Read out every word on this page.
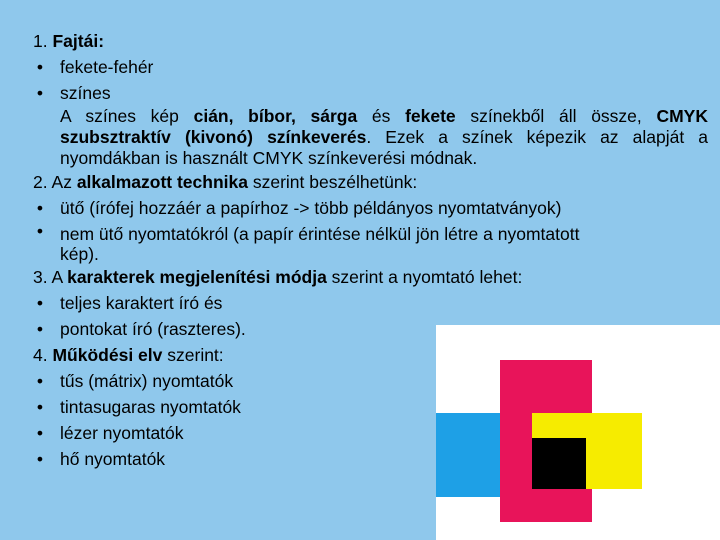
1. Fajtái:
• fekete-fehér
• színes
A színes kép cián, bíbor, sárga és fekete színekből áll össze, CMYK szubsztraktív (kivonó) színkeverés. Ezek a színek képezik az alapját a nyomdákban is használt CMYK színkeverési módnak.
2. Az alkalmazott technika szerint beszélhetünk:
• ütő (írófej hozzáér a papírhoz -> több példányos nyomtatványok)
• nem ütő nyomtatókról (a papír érintése nélkül jön létre a nyomtatott
kép).
3. A karakterek megjelenítési módja szerint a nyomtató lehet:
• teljes karaktert író és
• pontokat író (raszteres).
4. Működési elv szerint:
• tűs (mátrix) nyomtatók
• tintasugaras nyomtatók
• lézer nyomtatók
• hő nyomtatók
